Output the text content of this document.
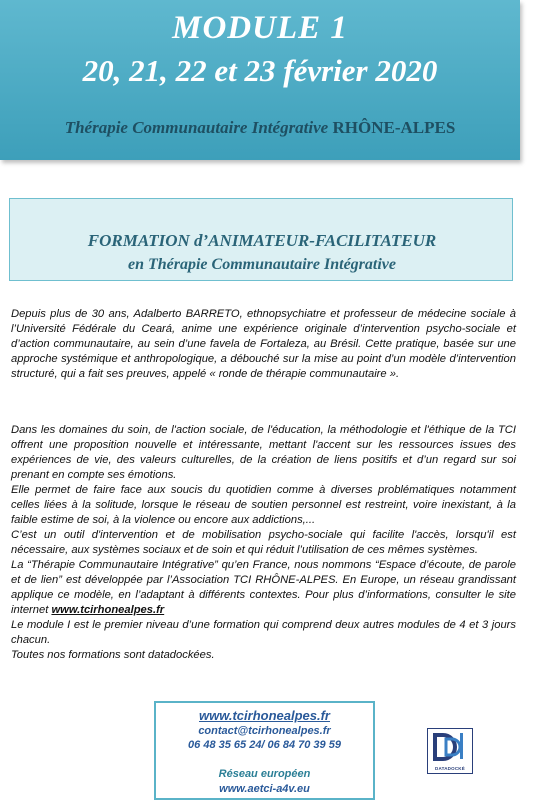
MODULE 1
20, 21, 22 et 23 février 2020
Thérapie Communautaire Intégrative RHÔNE-ALPES

FORMATION d’ANIMATEUR-FACILITATEUR

en Thérapie Communautaire Intégrative

Depuis plus de 30 ans, Adalberto BARRETO, ethnopsychiatre et professeur de médecine sociale à l’Université Fédérale du Ceará, anime une expérience originale d’intervention psycho-sociale et d’action communautaire, au sein d’une favela de Fortaleza, au Brésil. Cette pratique, basée sur une approche systémique et anthropologique, a débouché sur la mise au point d’un modèle d’intervention structuré, qui a fait ses preuves, appelé « ronde de thérapie communautaire ».

Dans les domaines du soin, de l'action sociale, de l'éducation, la méthodologie et l'éthique de la TCI offrent une proposition nouvelle et intéressante, mettant l'accent sur les ressources issues des expériences de vie, des valeurs culturelles, de la création de liens positifs et d’un regard sur soi prenant en compte ses émotions.
Elle permet de faire face aux soucis du quotidien comme à diverses problématiques notamment celles liées à la solitude, lorsque le réseau de soutien personnel est restreint, voire inexistant, à la faible estime de soi, à la violence ou encore aux addictions,...
C’est un outil d'intervention et de mobilisation psycho-sociale qui facilite l'accès, lorsqu'il est nécessaire, aux systèmes sociaux et de soin et qui réduit l’utilisation de ces mêmes systèmes.
La “Thérapie Communautaire Intégrative” qu’en France, nous nommons “Espace d’écoute, de parole et de lien” est développée par l’Association TCI RHÔNE-ALPES. En Europe, un réseau grandissant applique ce modèle, en l’adaptant à différents contextes. Pour plus d’informations, consulter le site internet www.tcirhonealpes.fr
Le module I est le premier niveau d’une formation qui comprend deux autres modules de 4 et 3 jours chacun.
Toutes nos formations sont datadockées.

www.tcirhonealpes.fr

contact@tcirhonealpes.fr

06 48 35 65 24/ 06 84 70 39 59

Réseau européen

www.aetci-a4v.eu

DATADOCKÉ
